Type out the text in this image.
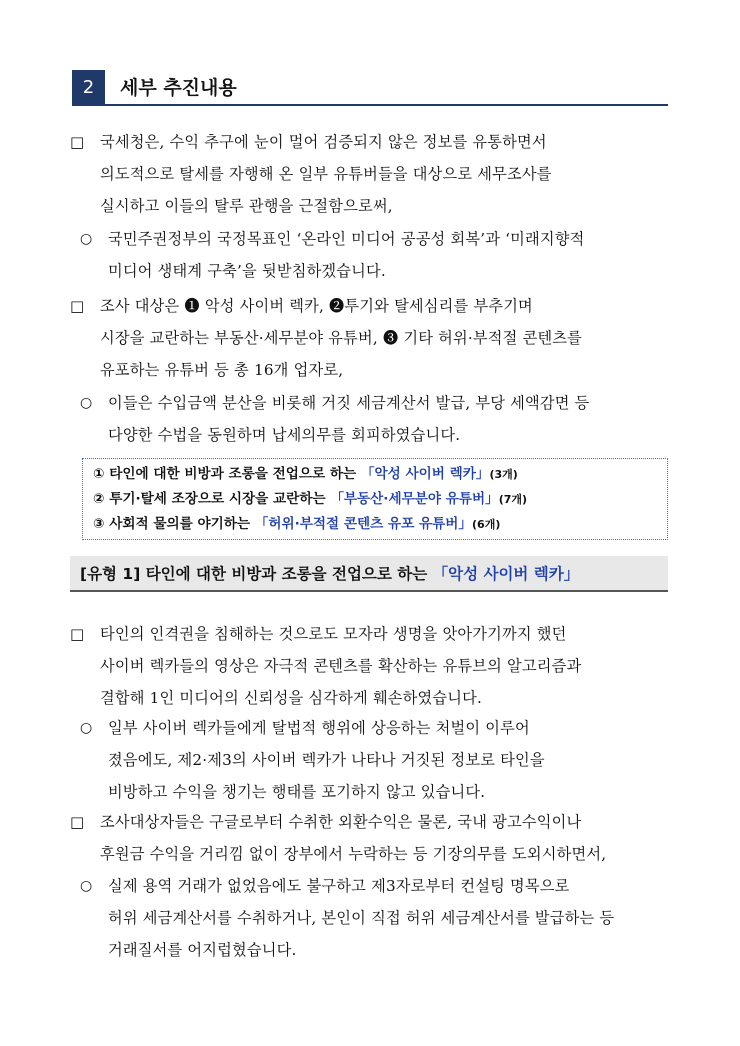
2	세부 추진내용
□ 국세청은, 수익 추구에 눈이 멀어 검증되지 않은 정보를 유통하면서
의도적으로 탈세를 자행해 온 일부 유튜버들을 대상으로 세무조사를
실시하고 이들의 탈루 관행을 근절함으로써,
○ 국민주권정부의 국정목표인 ‘온라인 미디어 공공성 회복’과 ‘미래지향적
미디어 생태계 구축’을 뒷받침하겠습니다.
□ 조사 대상은 ❶ 악성 사이버 렉카, ❷투기와 탈세심리를 부추기며
시장을 교란하는 부동산·세무분야 유튜버, ❸ 기타 허위·부적절 콘텐츠를
유포하는 유튜버 등 총 16개 업자로,
○ 이들은 수입금액 분산을 비롯해 거짓 세금계산서 발급, 부당 세액감면 등
다양한 수법을 동원하며 납세의무를 회피하였습니다.
① 타인에 대한 비방과 조롱을 전업으로 하는 「악성 사이버 렉카」(3개)
② 투기·탈세 조장으로 시장을 교란하는 「부동산·세무분야 유튜버」(7개)
③ 사회적 물의를 야기하는 「허위·부적절 콘텐츠 유포 유튜버」(6개)
[유형 1] 타인에 대한 비방과 조롱을 전업으로 하는 「악성 사이버 렉카」
□ 타인의 인격권을 침해하는 것으로도 모자라 생명을 앗아가기까지 했던
사이버 렉카들의 영상은 자극적 콘텐츠를 확산하는 유튜브의 알고리즘과
결합해 1인 미디어의 신뢰성을 심각하게 훼손하였습니다.
○ 일부 사이버 렉카들에게 탈법적 행위에 상응하는 처벌이 이루어
졌음에도, 제2·제3의 사이버 렉카가 나타나 거짓된 정보로 타인을
비방하고 수익을 챙기는 행태를 포기하지 않고 있습니다.
□ 조사대상자들은 구글로부터 수취한 외환수익은 물론, 국내 광고수익이나
후원금 수익을 거리낌 없이 장부에서 누락하는 등 기장의무를 도외시하면서,
○ 실제 용역 거래가 없었음에도 불구하고 제3자로부터 컨설팅 명목으로
허위 세금계산서를 수취하거나, 본인이 직접 허위 세금계산서를 발급하는 등
거래질서를 어지럽혔습니다.
